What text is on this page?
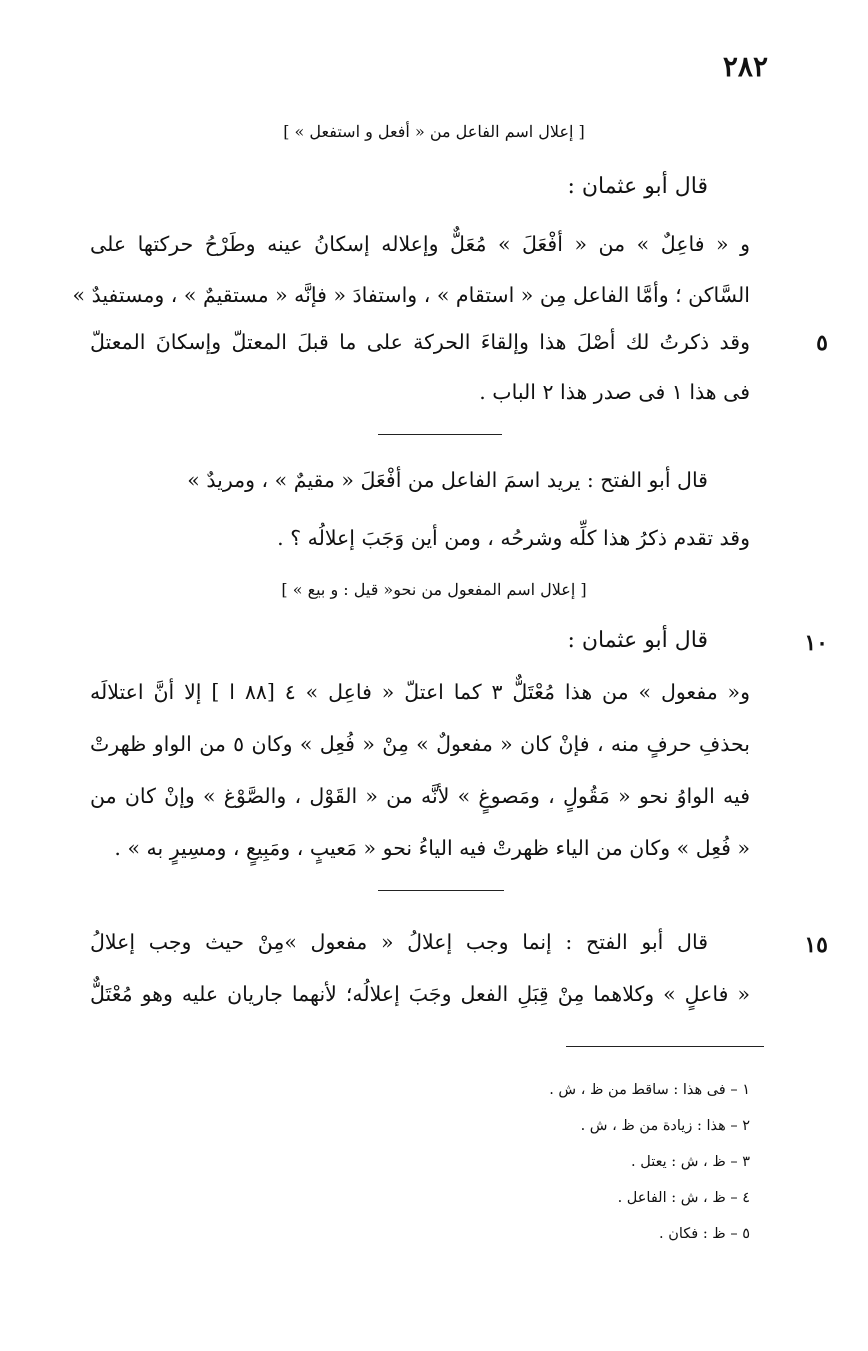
٢٨٢
[ إعلال اسم الفاعل من « أفعل و استفعل » ]
قال أبو عثمان :
و « فاعِلٌ » من « أفْعَلَ » مُعَلٌّ وإعلاله إسكانُ عينه وطَرْحُ حركتها على
السَّاكن ؛ وأمَّا الفاعل مِن « استقام » ، واستفادَ « فإنَّه « مستقيمٌ » ، ومستفيدٌ »
٥
وقد ذكرتُ لك أصْلَ هذا وإلقاءَ الحركة على ما قبلَ المعتلّ وإسكانَ المعتلّ
فى هذا ١ فى صدر هذا ٢ الباب .
قال أبو الفتح : يريد اسمَ الفاعل من أفْعَلَ « مقيمٌ » ، ومريدٌ »
وقد تقدم ذكرُ هذا كلِّه وشرحُه ، ومن أين وَجَبَ إعلالُه ؟ .
[ إعلال اسم المفعول من نحو« قيل : و بيع » ]
١٠
قال أبو عثمان :
و« مفعول » من هذا مُعْتَلٌّ ٣ كما اعتلّ « فاعِل » ٤ [٨٨ ا ] إلا أنَّ اعتلالَه
بحذفِ حرفٍ منه ، فإنْ كان « مفعولٌ » مِنْ « فُعِل » وكان ٥ من الواو ظهرتْ
فيه الواوُ نحو « مَقُولٍ ، ومَصوغٍ » لأنَّه من « القَوْل ، والصَّوْغ » وإنْ كان من
« فُعِل » وكان من الياء ظهرتْ فيه الياءُ نحو « مَعيبٍ ، ومَبِيعٍ ، ومسِيرٍ به » .
١٥
قال أبو الفتح : إنما وجب إعلالُ « مفعول »مِنْ حيث وجب إعلالُ
« فاعلٍ » وكلاهما مِنْ قِبَلِ الفعل وجَبَ إعلالُه؛ لأنهما جاريان عليه وهو مُعْتَلٌّ
١ – فى هذا : ساقط من ظ ، ش .
٢ – هذا : زيادة من ظ ، ش .
٣ – ظ ، ش : يعتل .
٤ – ظ ، ش : الفاعل .
٥ – ظ : فكان .
